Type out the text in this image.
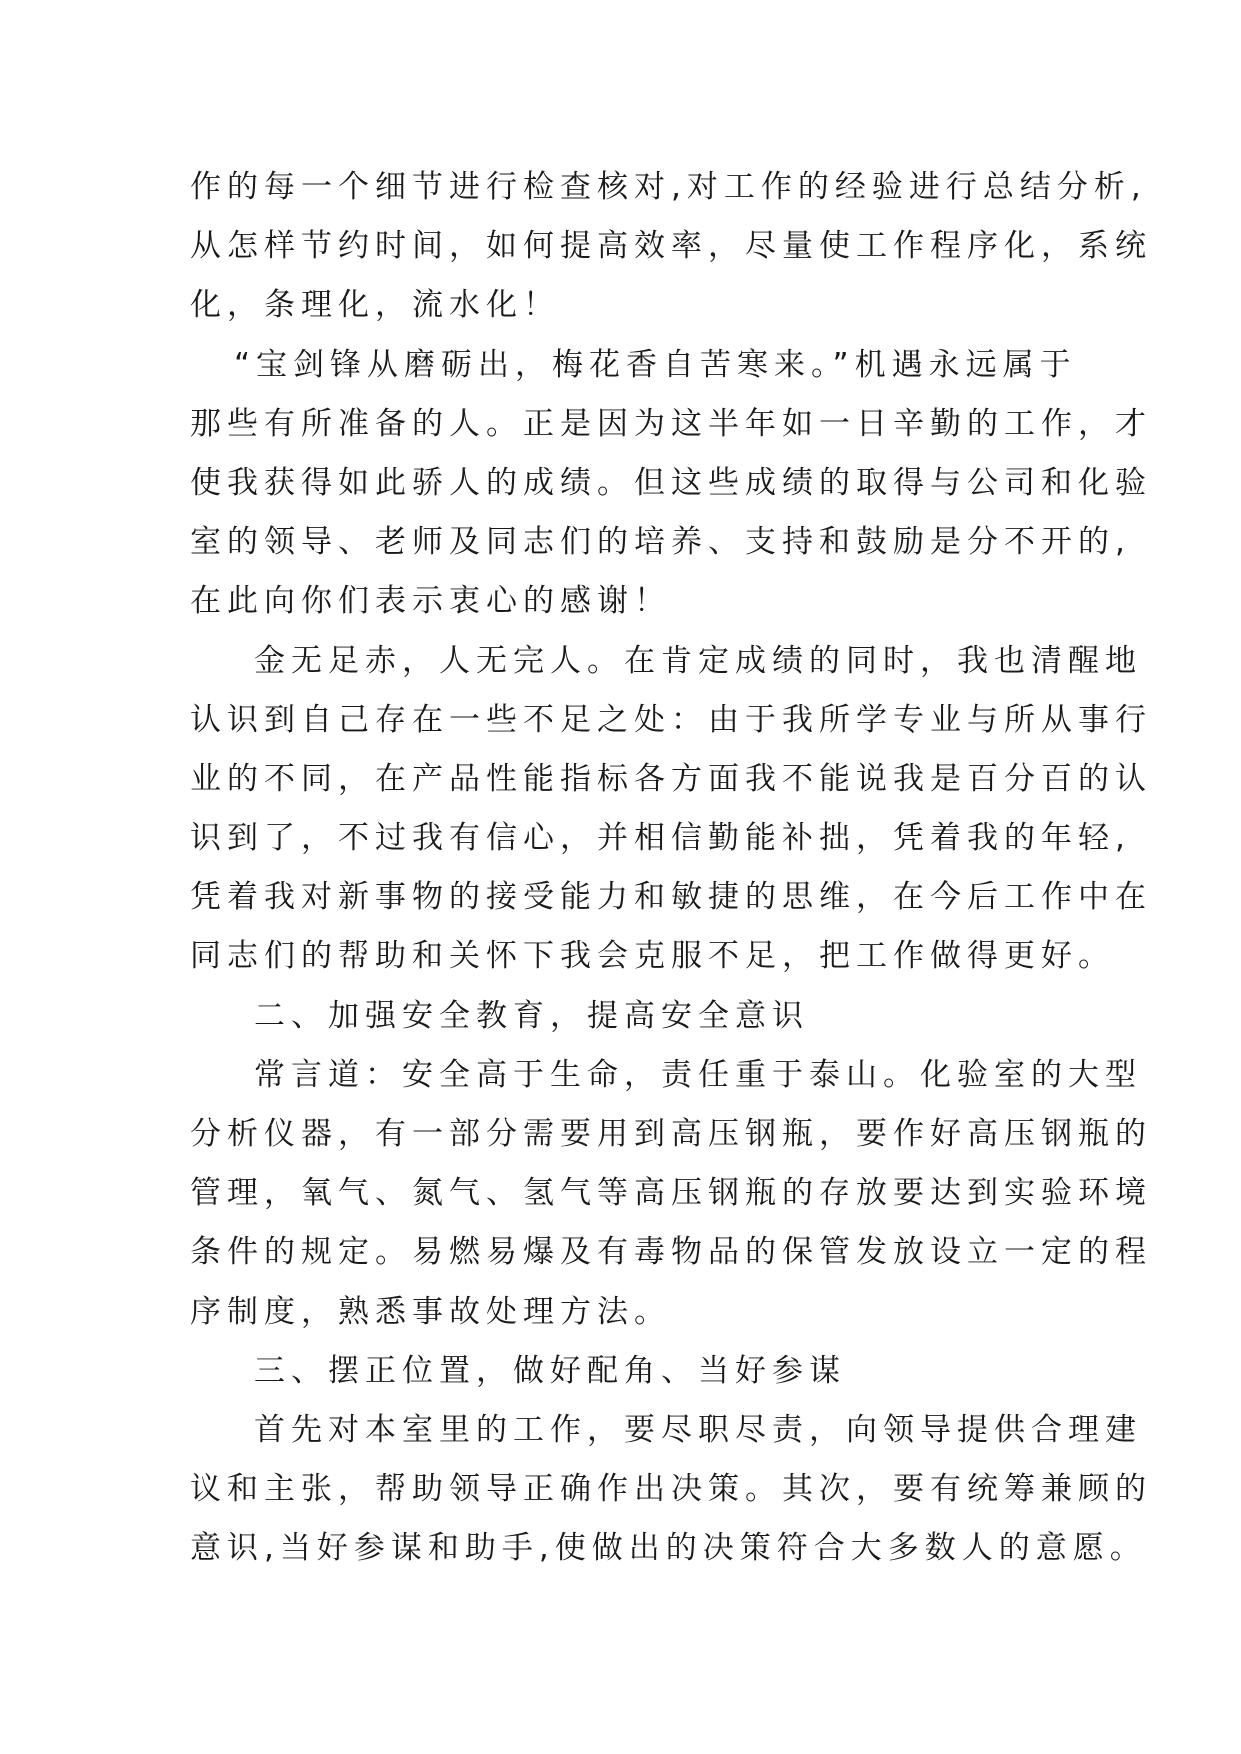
作的每一个细节进行检查核对,对工作的经验进行总结分析,
从怎样节约时间，如何提高效率，尽量使工作程序化，系统
化，条理化，流水化！
“宝剑锋从磨砺出，梅花香自苦寒来。”机遇永远属于
那些有所准备的人。正是因为这半年如一日辛勤的工作，才
使我获得如此骄人的成绩。但这些成绩的取得与公司和化验
室的领导、老师及同志们的培养、支持和鼓励是分不开的,
在此向你们表示衷心的感谢！
金无足赤，人无完人。在肯定成绩的同时，我也清醒地
认识到自己存在一些不足之处：由于我所学专业与所从事行
业的不同，在产品性能指标各方面我不能说我是百分百的认
识到了，不过我有信心，并相信勤能补拙，凭着我的年轻,
凭着我对新事物的接受能力和敏捷的思维，在今后工作中在
同志们的帮助和关怀下我会克服不足，把工作做得更好。
二、加强安全教育，提高安全意识
常言道：安全高于生命，责任重于泰山。化验室的大型
分析仪器，有一部分需要用到高压钢瓶，要作好高压钢瓶的
管理，氧气、氮气、氢气等高压钢瓶的存放要达到实验环境
条件的规定。易燃易爆及有毒物品的保管发放设立一定的程
序制度，熟悉事故处理方法。
三、摆正位置，做好配角、当好参谋
首先对本室里的工作，要尽职尽责，向领导提供合理建
议和主张，帮助领导正确作出决策。其次，要有统筹兼顾的
意识,当好参谋和助手,使做出的决策符合大多数人的意愿。
